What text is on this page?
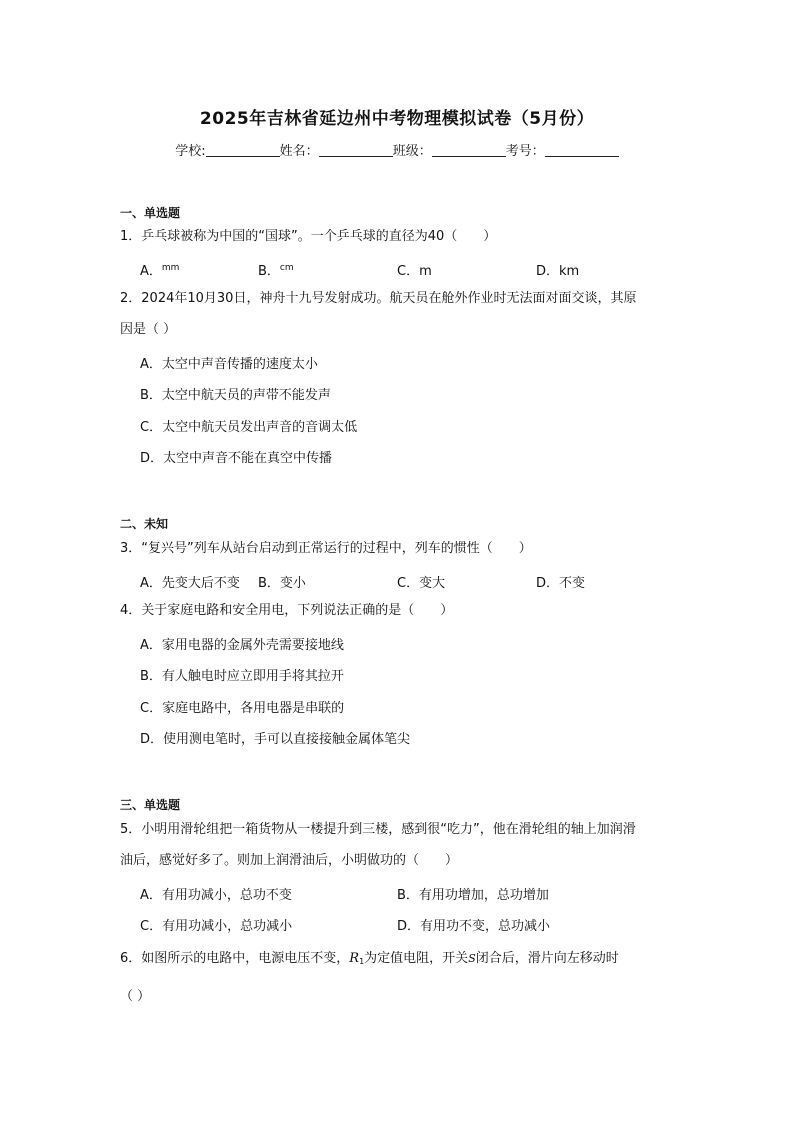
2025年吉林省延边州中考物理模拟试卷（5月份）
学校:	姓名：	班级：	考号：
一、单选题
1．乒乓球被称为中国的“国球”。一个乒乓球的直径为40（　　）
A．$^{mm}$	B．$^{cm}$	C．m	D．km
2．2024年10月30日，神舟十九号发射成功。航天员在舱外作业时无法面对面交谈，其原
因是（ ）
A．太空中声音传播的速度太小
B．太空中航天员的声带不能发声
C．太空中航天员发出声音的音调太低
D．太空中声音不能在真空中传播
二、未知
3．“复兴号”列车从站台启动到正常运行的过程中，列车的惯性（　　）
A．先变大后不变 B．变小	C．变大	D．不变
4．关于家庭电路和安全用电，下列说法正确的是（　　）
A．家用电器的金属外壳需要接地线
B．有人触电时应立即用手将其拉开
C．家庭电路中，各用电器是串联的
D．使用测电笔时，手可以直接接触金属体笔尖
三、单选题
5．小明用滑轮组把一箱货物从一楼提升到三楼，感到很“吃力”，他在滑轮组的轴上加润滑
油后，感觉好多了。则加上润滑油后，小明做功的（　　）
A．有用功减小，总功不变	B．有用功增加，总功增加
C．有用功减小，总功减小	D．有用功不变，总功减小
6．如图所示的电路中，电源电压不变，$R_1$为定值电阻，开关S闭合后，滑片向左移动时
（ ）
